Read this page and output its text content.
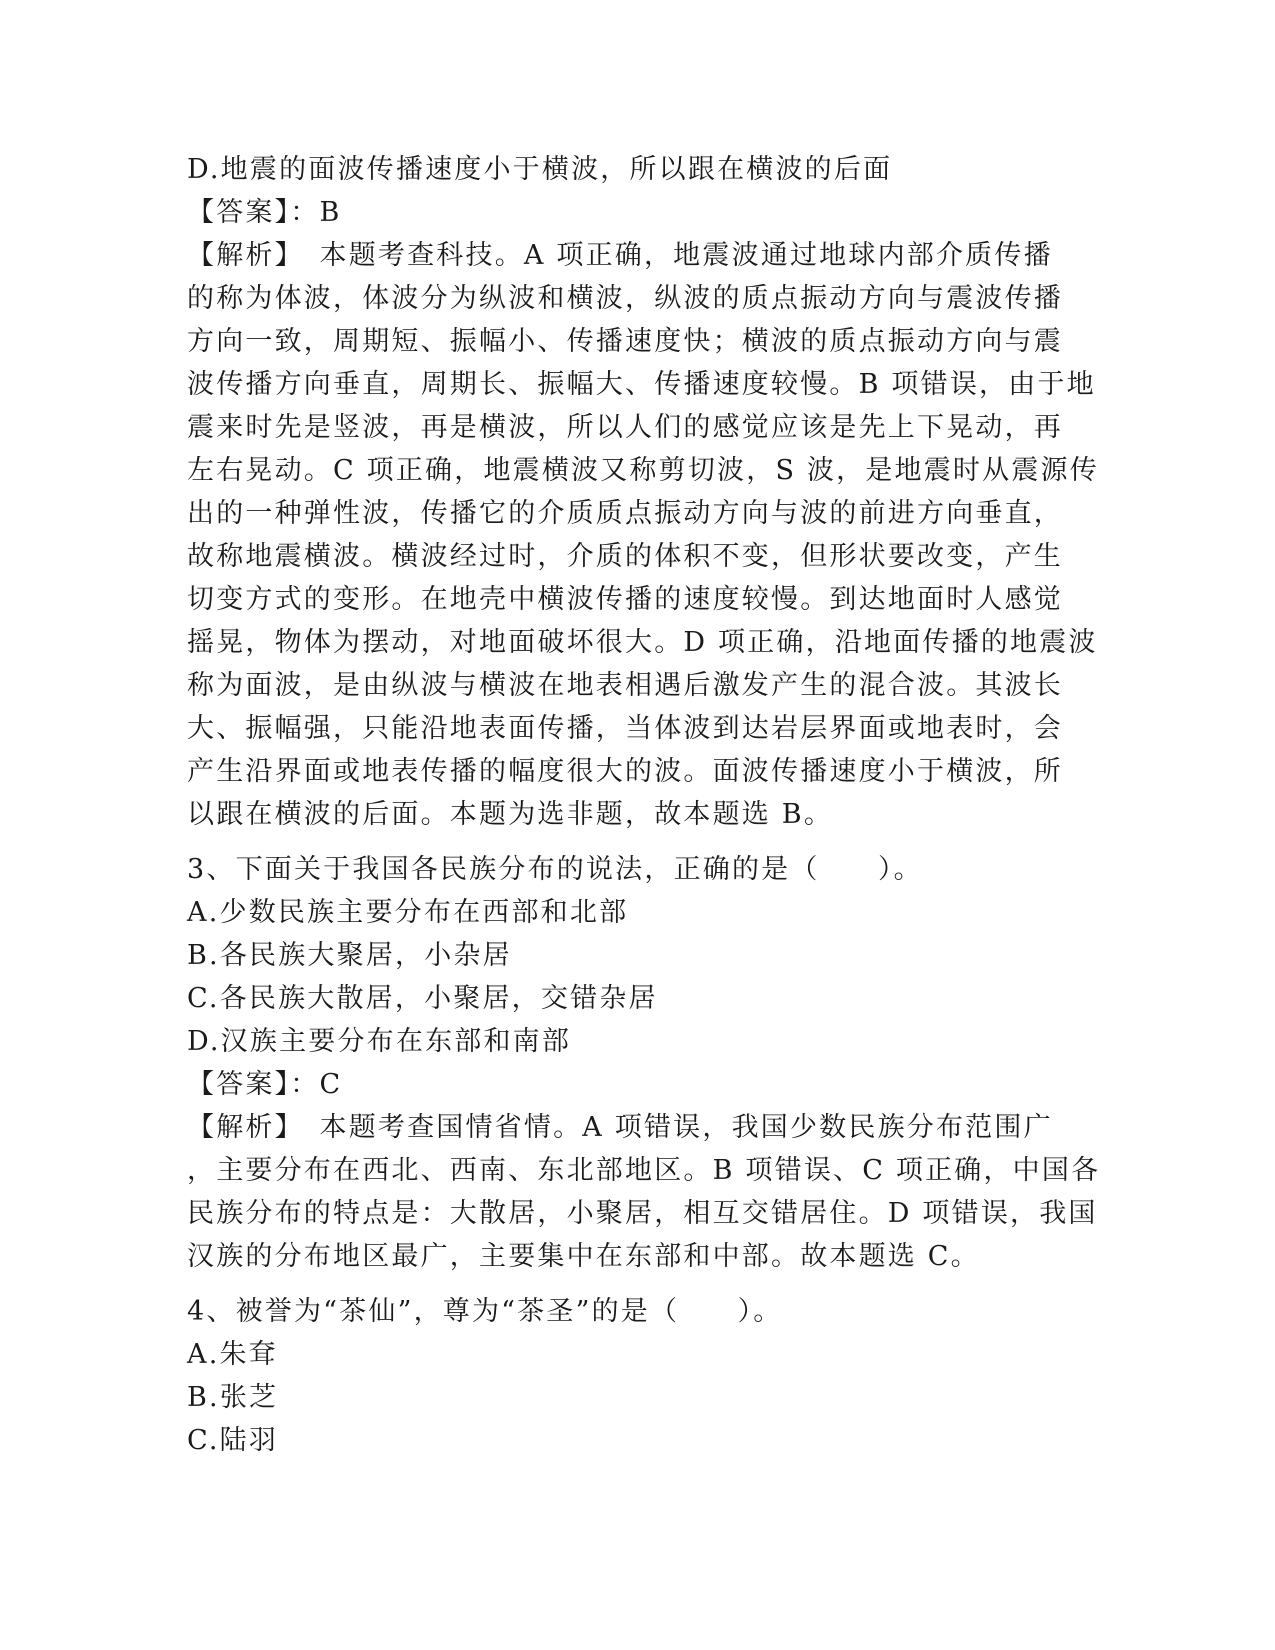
D.地震的面波传播速度小于横波，所以跟在横波的后面
【答案】：B
【解析】　本题考查科技。A 项正确，地震波通过地球内部介质传播
的称为体波，体波分为纵波和横波，纵波的质点振动方向与震波传播
方向一致，周期短、振幅小、传播速度快；横波的质点振动方向与震
波传播方向垂直，周期长、振幅大、传播速度较慢。B 项错误，由于地
震来时先是竖波，再是横波，所以人们的感觉应该是先上下晃动，再
左右晃动。C 项正确，地震横波又称剪切波，S 波，是地震时从震源传
出的一种弹性波，传播它的介质质点振动方向与波的前进方向垂直，
故称地震横波。横波经过时，介质的体积不变，但形状要改变，产生
切变方式的变形。在地壳中横波传播的速度较慢。到达地面时人感觉
摇晃，物体为摆动，对地面破坏很大。D 项正确，沿地面传播的地震波
称为面波，是由纵波与横波在地表相遇后激发产生的混合波。其波长
大、振幅强，只能沿地表面传播，当体波到达岩层界面或地表时，会
产生沿界面或地表传播的幅度很大的波。面波传播速度小于横波，所
以跟在横波的后面。本题为选非题，故本题选 B。
3、下面关于我国各民族分布的说法，正确的是（　　）。
A.少数民族主要分布在西部和北部
B.各民族大聚居，小杂居
C.各民族大散居，小聚居，交错杂居
D.汉族主要分布在东部和南部
【答案】：C
【解析】　本题考查国情省情。A 项错误，我国少数民族分布范围广
，主要分布在西北、西南、东北部地区。B 项错误、C 项正确，中国各
民族分布的特点是：大散居，小聚居，相互交错居住。D 项错误，我国
汉族的分布地区最广，主要集中在东部和中部。故本题选 C。
4、被誉为“茶仙”，尊为“茶圣”的是（　　）。
A.朱耷
B.张芝
C.陆羽
